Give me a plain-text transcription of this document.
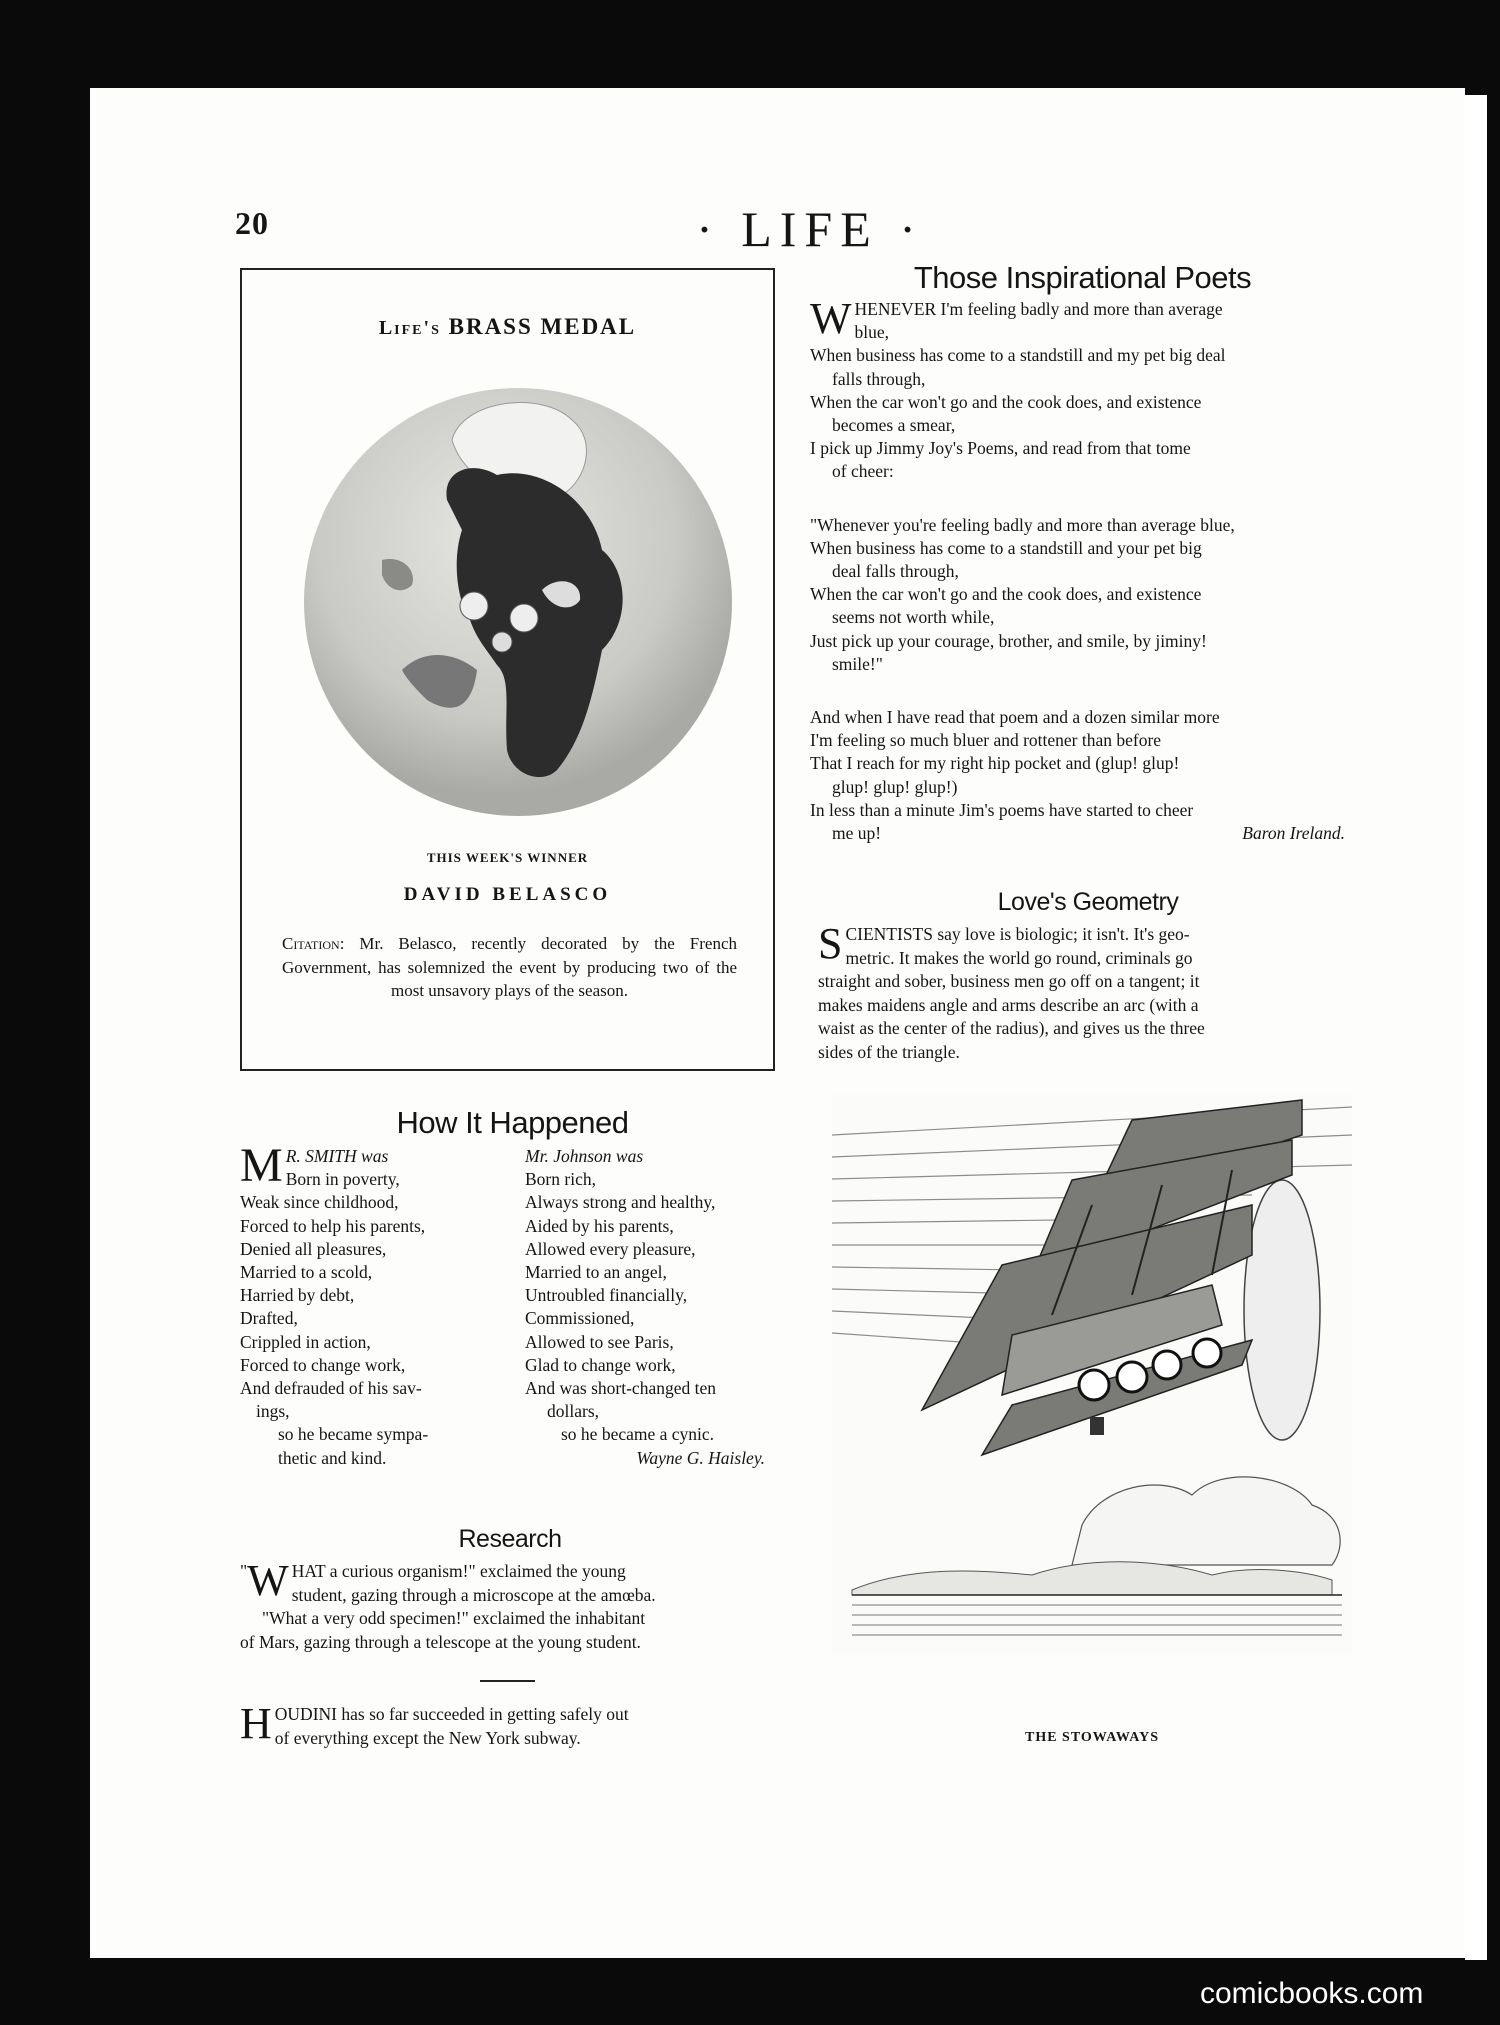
20	· LIFE ·
Life's BRASS MEDAL
THIS WEEK'S WINNER
DAVID BELASCO
Citation: Mr. Belasco, recently decorated by the French Government, has solemnized the event by producing two of the most unsavory plays of the season.
Those Inspirational Poets
WHENEVER I'm feeling badly and more than average
blue,
When business has come to a standstill and my pet big deal
falls through,
When the car won't go and the cook does, and existence
becomes a smear,
I pick up Jimmy Joy's Poems, and read from that tome
of cheer:
"Whenever you're feeling badly and more than average blue,
When business has come to a standstill and your pet big
deal falls through,
When the car won't go and the cook does, and existence
seems not worth while,
Just pick up your courage, brother, and smile, by jiminy!
smile!"
And when I have read that poem and a dozen similar more
I'm feeling so much bluer and rottener than before
That I reach for my right hip pocket and (glup! glup!
glup! glup! glup!)
In less than a minute Jim's poems have started to cheer
me up!	Baron Ireland.
Love's Geometry
SCIENTISTS say love is biologic; it isn't. It's geo-
metric. It makes the world go round, criminals go
straight and sober, business men go off on a tangent; it
makes maidens angle and arms describe an arc (with a
waist as the center of the radius), and gives us the three
sides of the triangle.
How It Happened
M R. SMITH was
Born in poverty,
Weak since childhood,
Forced to help his parents,
Denied all pleasures,
Married to a scold,
Harried by debt,
Drafted,
Crippled in action,
Forced to change work,
And defrauded of his sav-
ings,
so he became sympa-
thetic and kind.
Mr. Johnson was
Born rich,
Always strong and healthy,
Aided by his parents,
Allowed every pleasure,
Married to an angel,
Untroubled financially,
Commissioned,
Allowed to see Paris,
Glad to change work,
And was short-changed ten
dollars,
so he became a cynic.
Wayne G. Haisley.
Research
" W HAT a curious organism!" exclaimed the young
student, gazing through a microscope at the amœba.
"What a very odd specimen!" exclaimed the inhabitant
of Mars, gazing through a telescope at the young student.
HOUDINI has so far succeeded in getting safely out
of everything except the New York subway.	THE STOWAWAYS
comicbooks.com
